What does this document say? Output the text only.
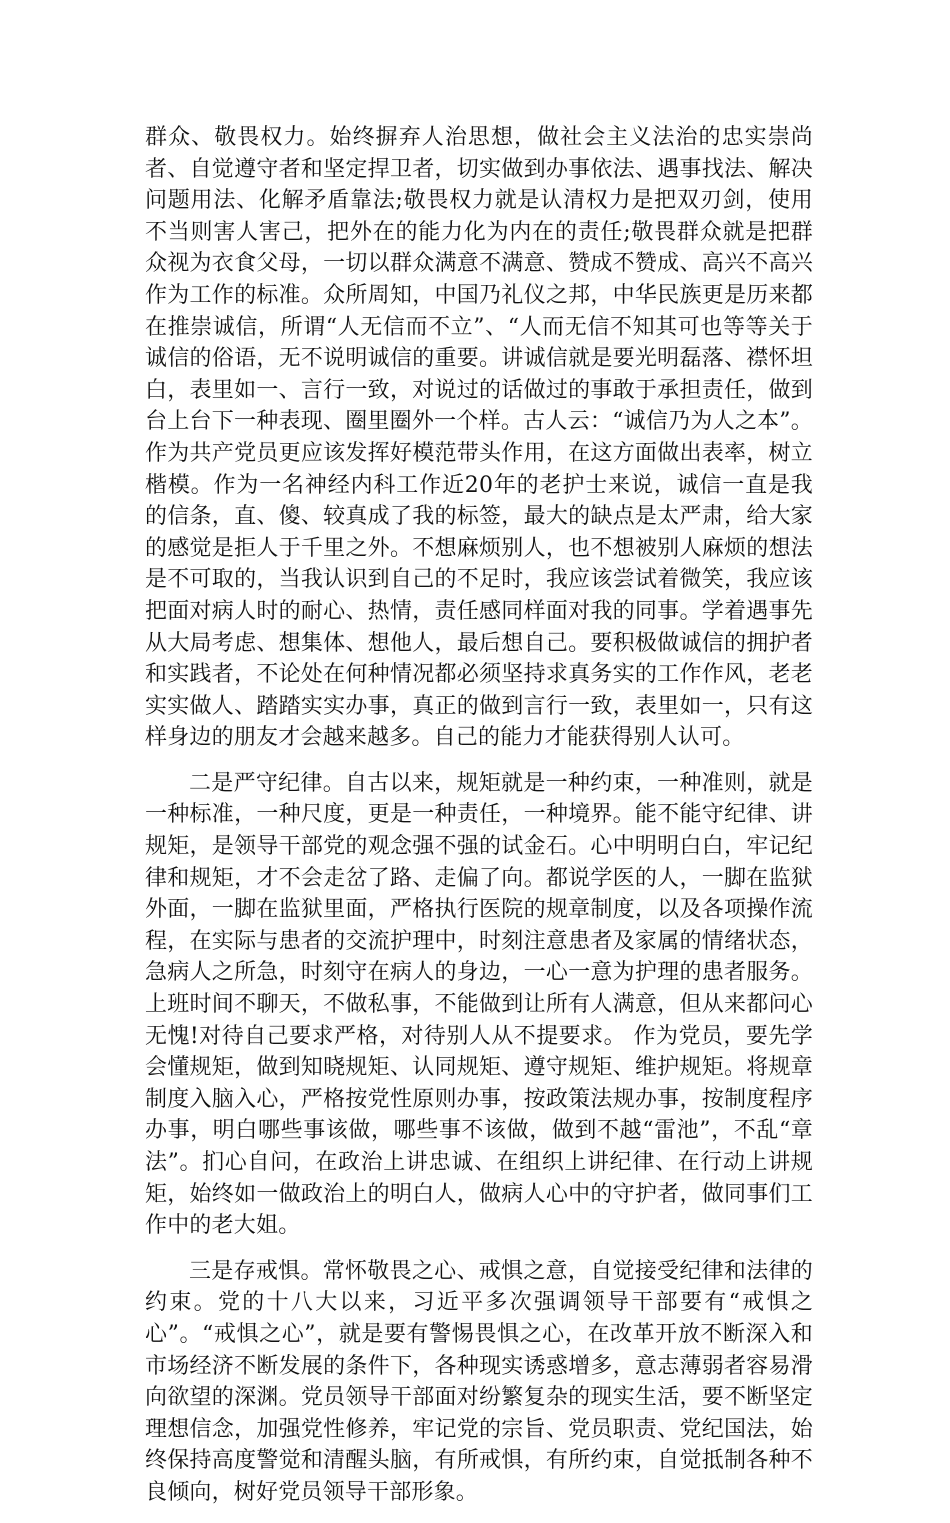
群众、敬畏权力。始终摒弃人治思想，做社会主义法治的忠实崇尚者、自觉遵守者和坚定捍卫者，切实做到办事依法、遇事找法、解决问题用法、化解矛盾靠法;敬畏权力就是认清权力是把双刃剑，使用不当则害人害己，把外在的能力化为内在的责任;敬畏群众就是把群众视为衣食父母，一切以群众满意不满意、赞成不赞成、高兴不高兴作为工作的标准。众所周知，中国乃礼仪之邦，中华民族更是历来都在推崇诚信，所谓“人无信而不立”、“人而无信不知其可也等等关于诚信的俗语，无不说明诚信的重要。讲诚信就是要光明磊落、襟怀坦白，表里如一、言行一致，对说过的话做过的事敢于承担责任，做到台上台下一种表现、圈里圈外一个样。古人云：“诚信乃为人之本”。作为共产党员更应该发挥好模范带头作用，在这方面做出表率，树立楷模。作为一名神经内科工作近20年的老护士来说，诚信一直是我的信条，直、傻、较真成了我的标签，最大的缺点是太严肃，给大家的感觉是拒人于千里之外。不想麻烦别人，也不想被别人麻烦的想法是不可取的，当我认识到自己的不足时，我应该尝试着微笑，我应该把面对病人时的耐心、热情，责任感同样面对我的同事。学着遇事先从大局考虑、想集体、想他人，最后想自己。要积极做诚信的拥护者和实践者，不论处在何种情况都必须坚持求真务实的工作作风，老老实实做人、踏踏实实办事，真正的做到言行一致，表里如一，只有这样身边的朋友才会越来越多。自己的能力才能获得别人认可。

二是严守纪律。自古以来，规矩就是一种约束，一种准则，就是一种标准，一种尺度，更是一种责任，一种境界。能不能守纪律、讲规矩，是领导干部党的观念强不强的试金石。心中明明白白，牢记纪律和规矩，才不会走岔了路、走偏了向。都说学医的人，一脚在监狱外面，一脚在监狱里面，严格执行医院的规章制度，以及各项操作流程，在实际与患者的交流护理中，时刻注意患者及家属的情绪状态，急病人之所急，时刻守在病人的身边，一心一意为护理的患者服务。上班时间不聊天，不做私事，不能做到让所有人满意，但从来都问心无愧!对待自己要求严格，对待别人从不提要求。 作为党员，要先学会懂规矩，做到知晓规矩、认同规矩、遵守规矩、维护规矩。将规章制度入脑入心，严格按党性原则办事，按政策法规办事，按制度程序办事，明白哪些事该做，哪些事不该做，做到不越“雷池”，不乱“章法”。扪心自问，在政治上讲忠诚、在组织上讲纪律、在行动上讲规矩，始终如一做政治上的明白人，做病人心中的守护者，做同事们工作中的老大姐。

三是存戒惧。常怀敬畏之心、戒惧之意，自觉接受纪律和法律的约束。党的十八大以来，习近平多次强调领导干部要有“戒惧之心”。“戒惧之心”，就是要有警惕畏惧之心，在改革开放不断深入和市场经济不断发展的条件下，各种现实诱惑增多，意志薄弱者容易滑向欲望的深渊。党员领导干部面对纷繁复杂的现实生活，要不断坚定理想信念，加强党性修养，牢记党的宗旨、党员职责、党纪国法，始终保持高度警觉和清醒头脑，有所戒惧，有所约束，自觉抵制各种不良倾向，树好党员领导干部形象。
